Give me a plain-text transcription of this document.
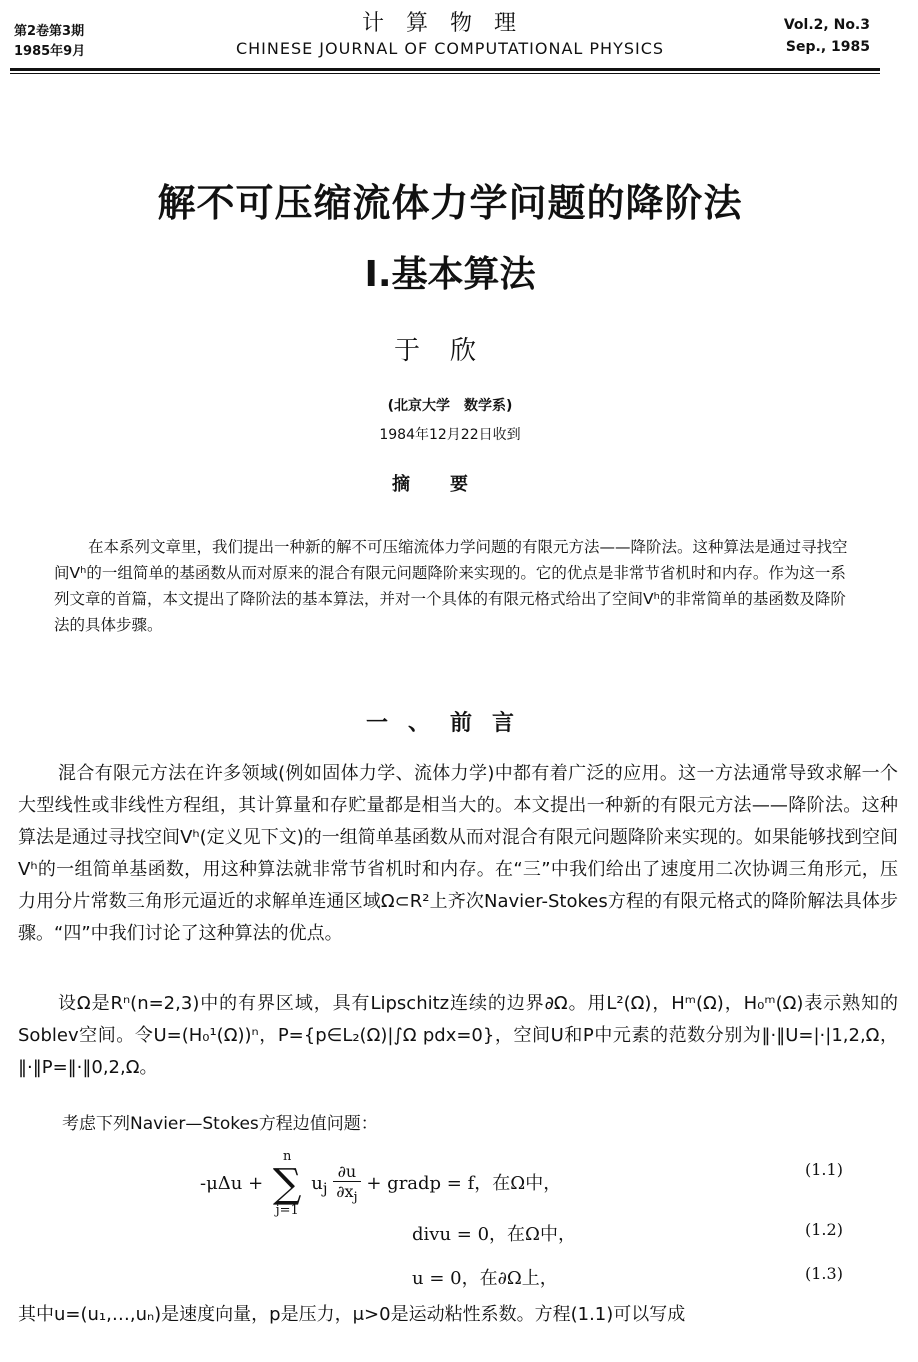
第2卷第3期
1985年9月
计算物理
CHINESE JOURNAL OF COMPUTATIONAL PHYSICS
Vol.2, No.3
Sep., 1985
解不可压缩流体力学问题的降阶法
Ⅰ.基本算法
于欣
(北京大学　数学系)
1984年12月22日收到
摘要
在本系列文章里，我们提出一种新的解不可压缩流体力学问题的有限元方法——降阶法。这种算法是通过寻找空间Vʰ的一组简单的基函数从而对原来的混合有限元问题降阶来实现的。它的优点是非常节省机时和内存。作为这一系列文章的首篇，本文提出了降阶法的基本算法，并对一个具体的有限元格式给出了空间Vʰ的非常简单的基函数及降阶法的具体步骤。
一、前言
混合有限元方法在许多领域(例如固体力学、流体力学)中都有着广泛的应用。这一方法通常导致求解一个大型线性或非线性方程组，其计算量和存贮量都是相当大的。本文提出一种新的有限元方法——降阶法。这种算法是通过寻找空间Vʰ(定义见下文)的一组简单基函数从而对混合有限元问题降阶来实现的。如果能够找到空间Vʰ的一组简单基函数，用这种算法就非常节省机时和内存。在“三”中我们给出了速度用二次协调三角形元，压力用分片常数三角形元逼近的求解单连通区域Ω⊂R²上齐次Navier-Stokes方程的有限元格式的降阶解法具体步骤。“四”中我们讨论了这种算法的优点。
设Ω是Rⁿ(n=2,3)中的有界区域，具有Lipschitz连续的边界∂Ω。用L²(Ω)，Hᵐ(Ω)，H₀ᵐ(Ω)表示熟知的Soblev空间。令U=(H₀¹(Ω))ⁿ，P={p∈L₂(Ω)|∫Ω pdx=0}，空间U和P中元素的范数分别为‖·‖U=|·|1,2,Ω，‖·‖P=‖·‖0,2,Ω。
考虑下列Navier—Stokes方程边值问题：
-μΔu +
n
∑
j=1
$u_j \frac{\partial u}{\partial x_j}$ + gradp = f，在Ω中，
(1.1)
divu = 0，在Ω中，	(1.2)
u = 0，在∂Ω上，	(1.3)
其中u=(u₁,…,uₙ)是速度向量，p是压力，μ>0是运动粘性系数。方程(1.1)可以写成
